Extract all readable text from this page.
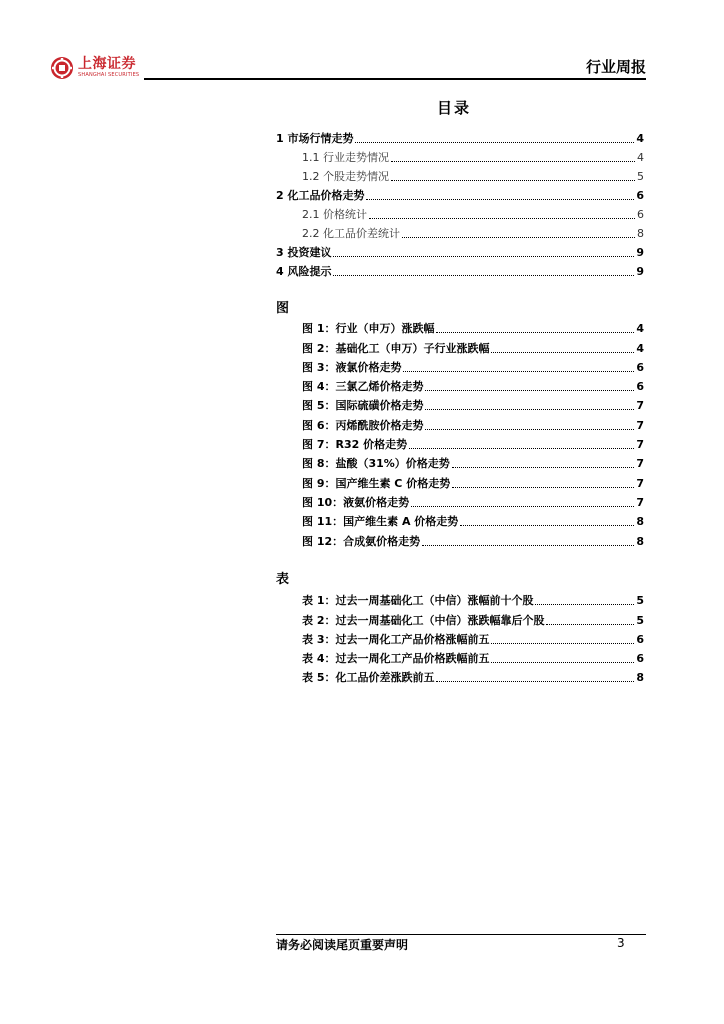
上海证券
SHANGHAI SECURITIES	行业周报
目录
1 市场行情走势	4
1.1 行业走势情况	4
1.2 个股走势情况	5
2 化工品价格走势	6
2.1 价格统计	6
2.2 化工品价差统计	8
3 投资建议	9
4 风险提示	9
图
图 1：行业（申万）涨跌幅	4
图 2：基础化工（申万）子行业涨跌幅	4
图 3：液氯价格走势	6
图 4：三氯乙烯价格走势	6
图 5：国际硫磺价格走势	7
图 6：丙烯酰胺价格走势	7
图 7：R32 价格走势	7
图 8：盐酸（31%）价格走势	7
图 9：国产维生素 C 价格走势	7
图 10：液氨价格走势	7
图 11：国产维生素 A 价格走势	8
图 12：合成氨价格走势	8
表
表 1：过去一周基础化工（中信）涨幅前十个股	5
表 2：过去一周基础化工（中信）涨跌幅靠后个股	5
表 3：过去一周化工产品价格涨幅前五	6
表 4：过去一周化工产品价格跌幅前五	6
表 5：化工品价差涨跌前五	8
请务必阅读尾页重要声明	3
